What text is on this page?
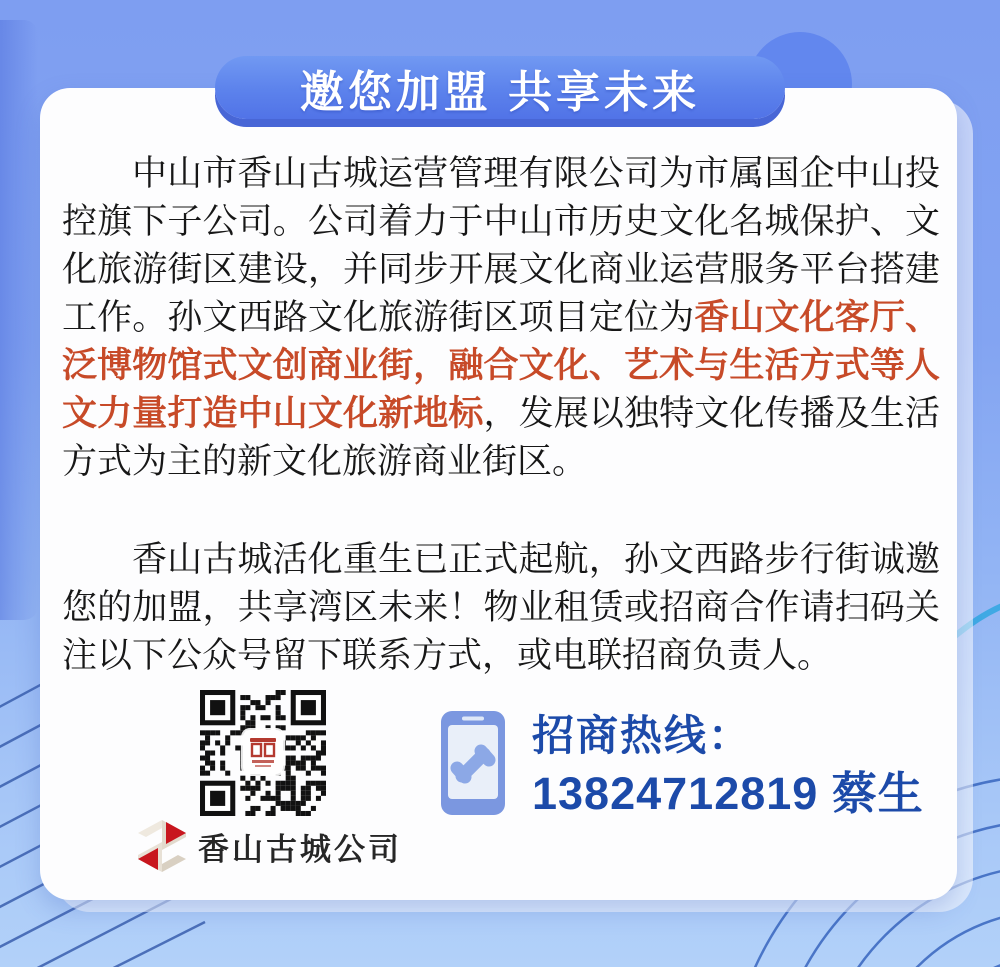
邀您加盟 共享未来

中山市香山古城运营管理有限公司为市属国企中山投控旗下子公司。公司着力于中山市历史文化名城保护、文化旅游街区建设，并同步开展文化商业运营服务平台搭建工作。孙文西路文化旅游街区项目定位为香山文化客厅、泛博物馆式文创商业街，融合文化、艺术与生活方式等人文力量打造中山文化新地标，发展以独特文化传播及生活方式为主的新文化旅游商业街区。

香山古城活化重生已正式起航，孙文西路步行街诚邀您的加盟，共享湾区未来！物业租赁或招商合作请扫码关注以下公众号留下联系方式，或电联招商负责人。

香山古城公司
招商热线：
13824712819 蔡生
